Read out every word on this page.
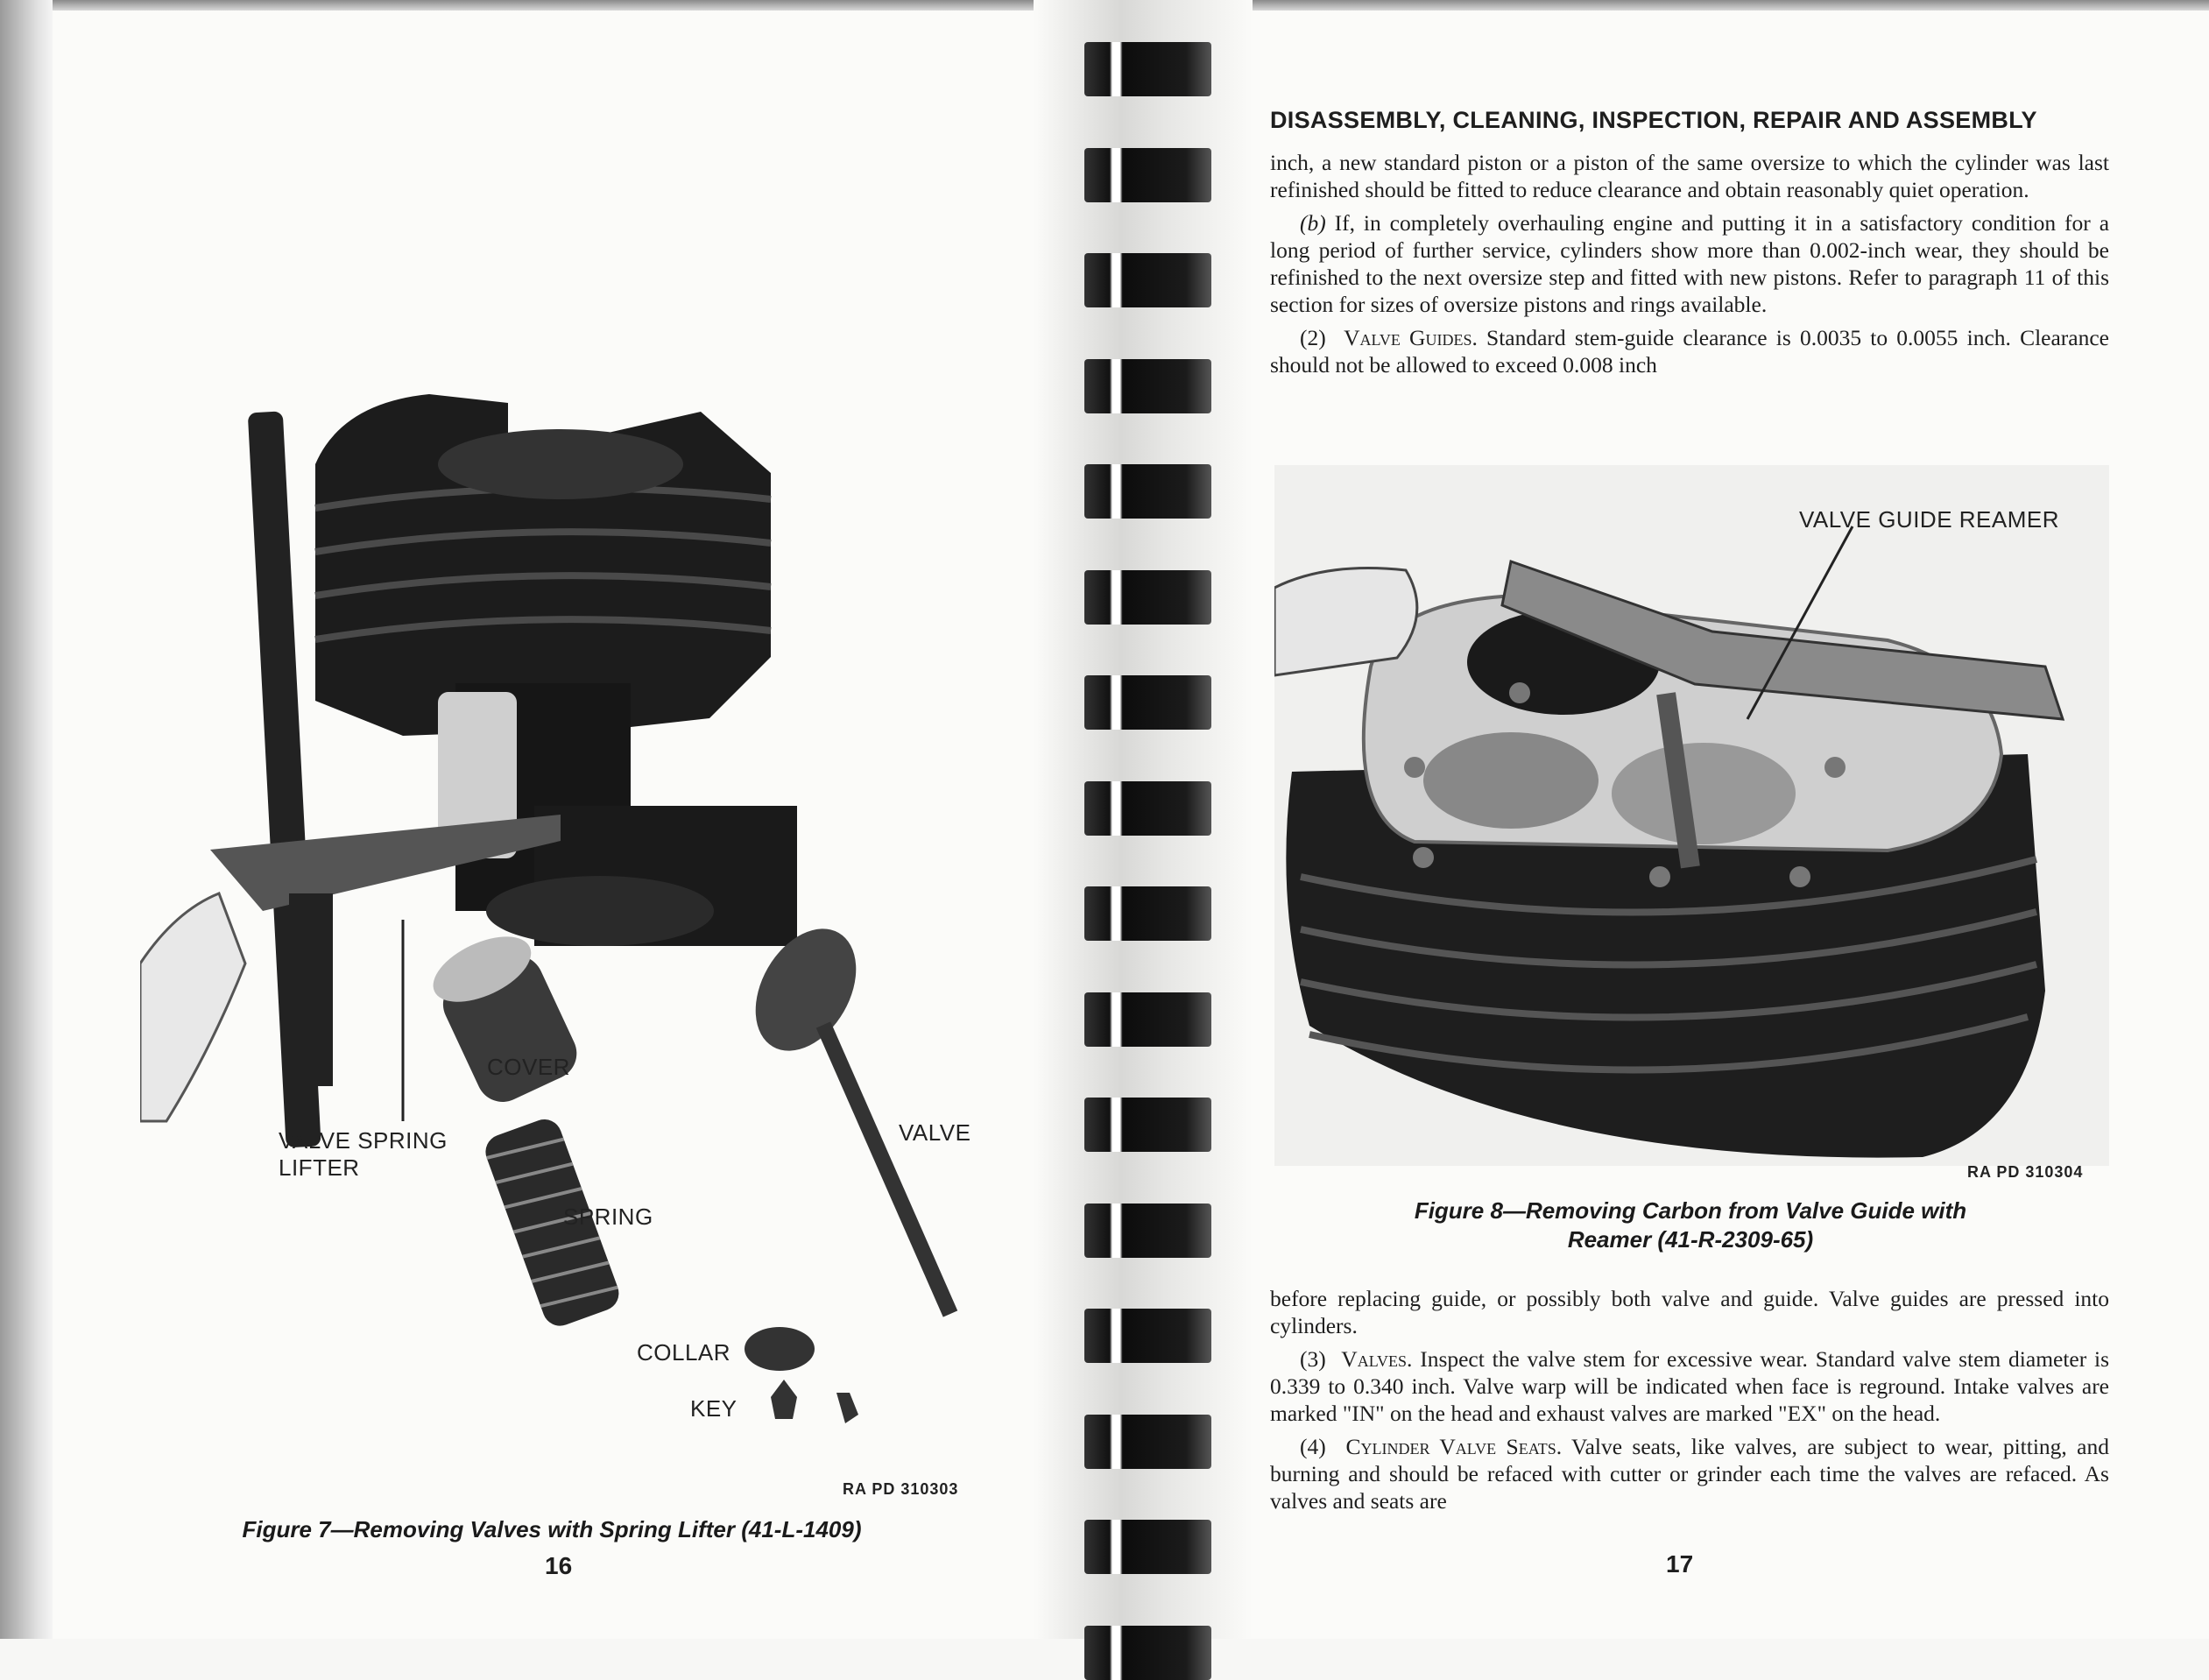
COVER
VALVE SPRING LIFTER
SPRING
VALVE
COLLAR
KEY
RA PD 310303
Figure 7—Removing Valves with Spring Lifter (41-L-1409)
16
DISASSEMBLY, CLEANING, INSPECTION, REPAIR AND ASSEMBLY

inch, a new standard piston or a piston of the same oversize to which the cylinder was last refinished should be fitted to reduce clearance and obtain reasonably quiet operation.

(b) If, in completely overhauling engine and putting it in a satisfactory condition for a long period of further service, cylinders show more than 0.002-inch wear, they should be refinished to the next oversize step and fitted with new pistons. Refer to paragraph 11 of this section for sizes of oversize pistons and rings available.

(2) Valve Guides. Standard stem-guide clearance is 0.0035 to 0.0055 inch. Clearance should not be allowed to exceed 0.008 inch

VALVE GUIDE REAMER
RA PD 310304
Figure 8—Removing Carbon from Valve Guide with
Reamer (41-R-2309-65)

before replacing guide, or possibly both valve and guide. Valve guides are pressed into cylinders.

(3) Valves. Inspect the valve stem for excessive wear. Standard valve stem diameter is 0.339 to 0.340 inch. Valve warp will be indicated when face is reground. Intake valves are marked "IN" on the head and exhaust valves are marked "EX" on the head.

(4) Cylinder Valve Seats. Valve seats, like valves, are subject to wear, pitting, and burning and should be refaced with cutter or grinder each time the valves are refaced. As valves and seats are

17
